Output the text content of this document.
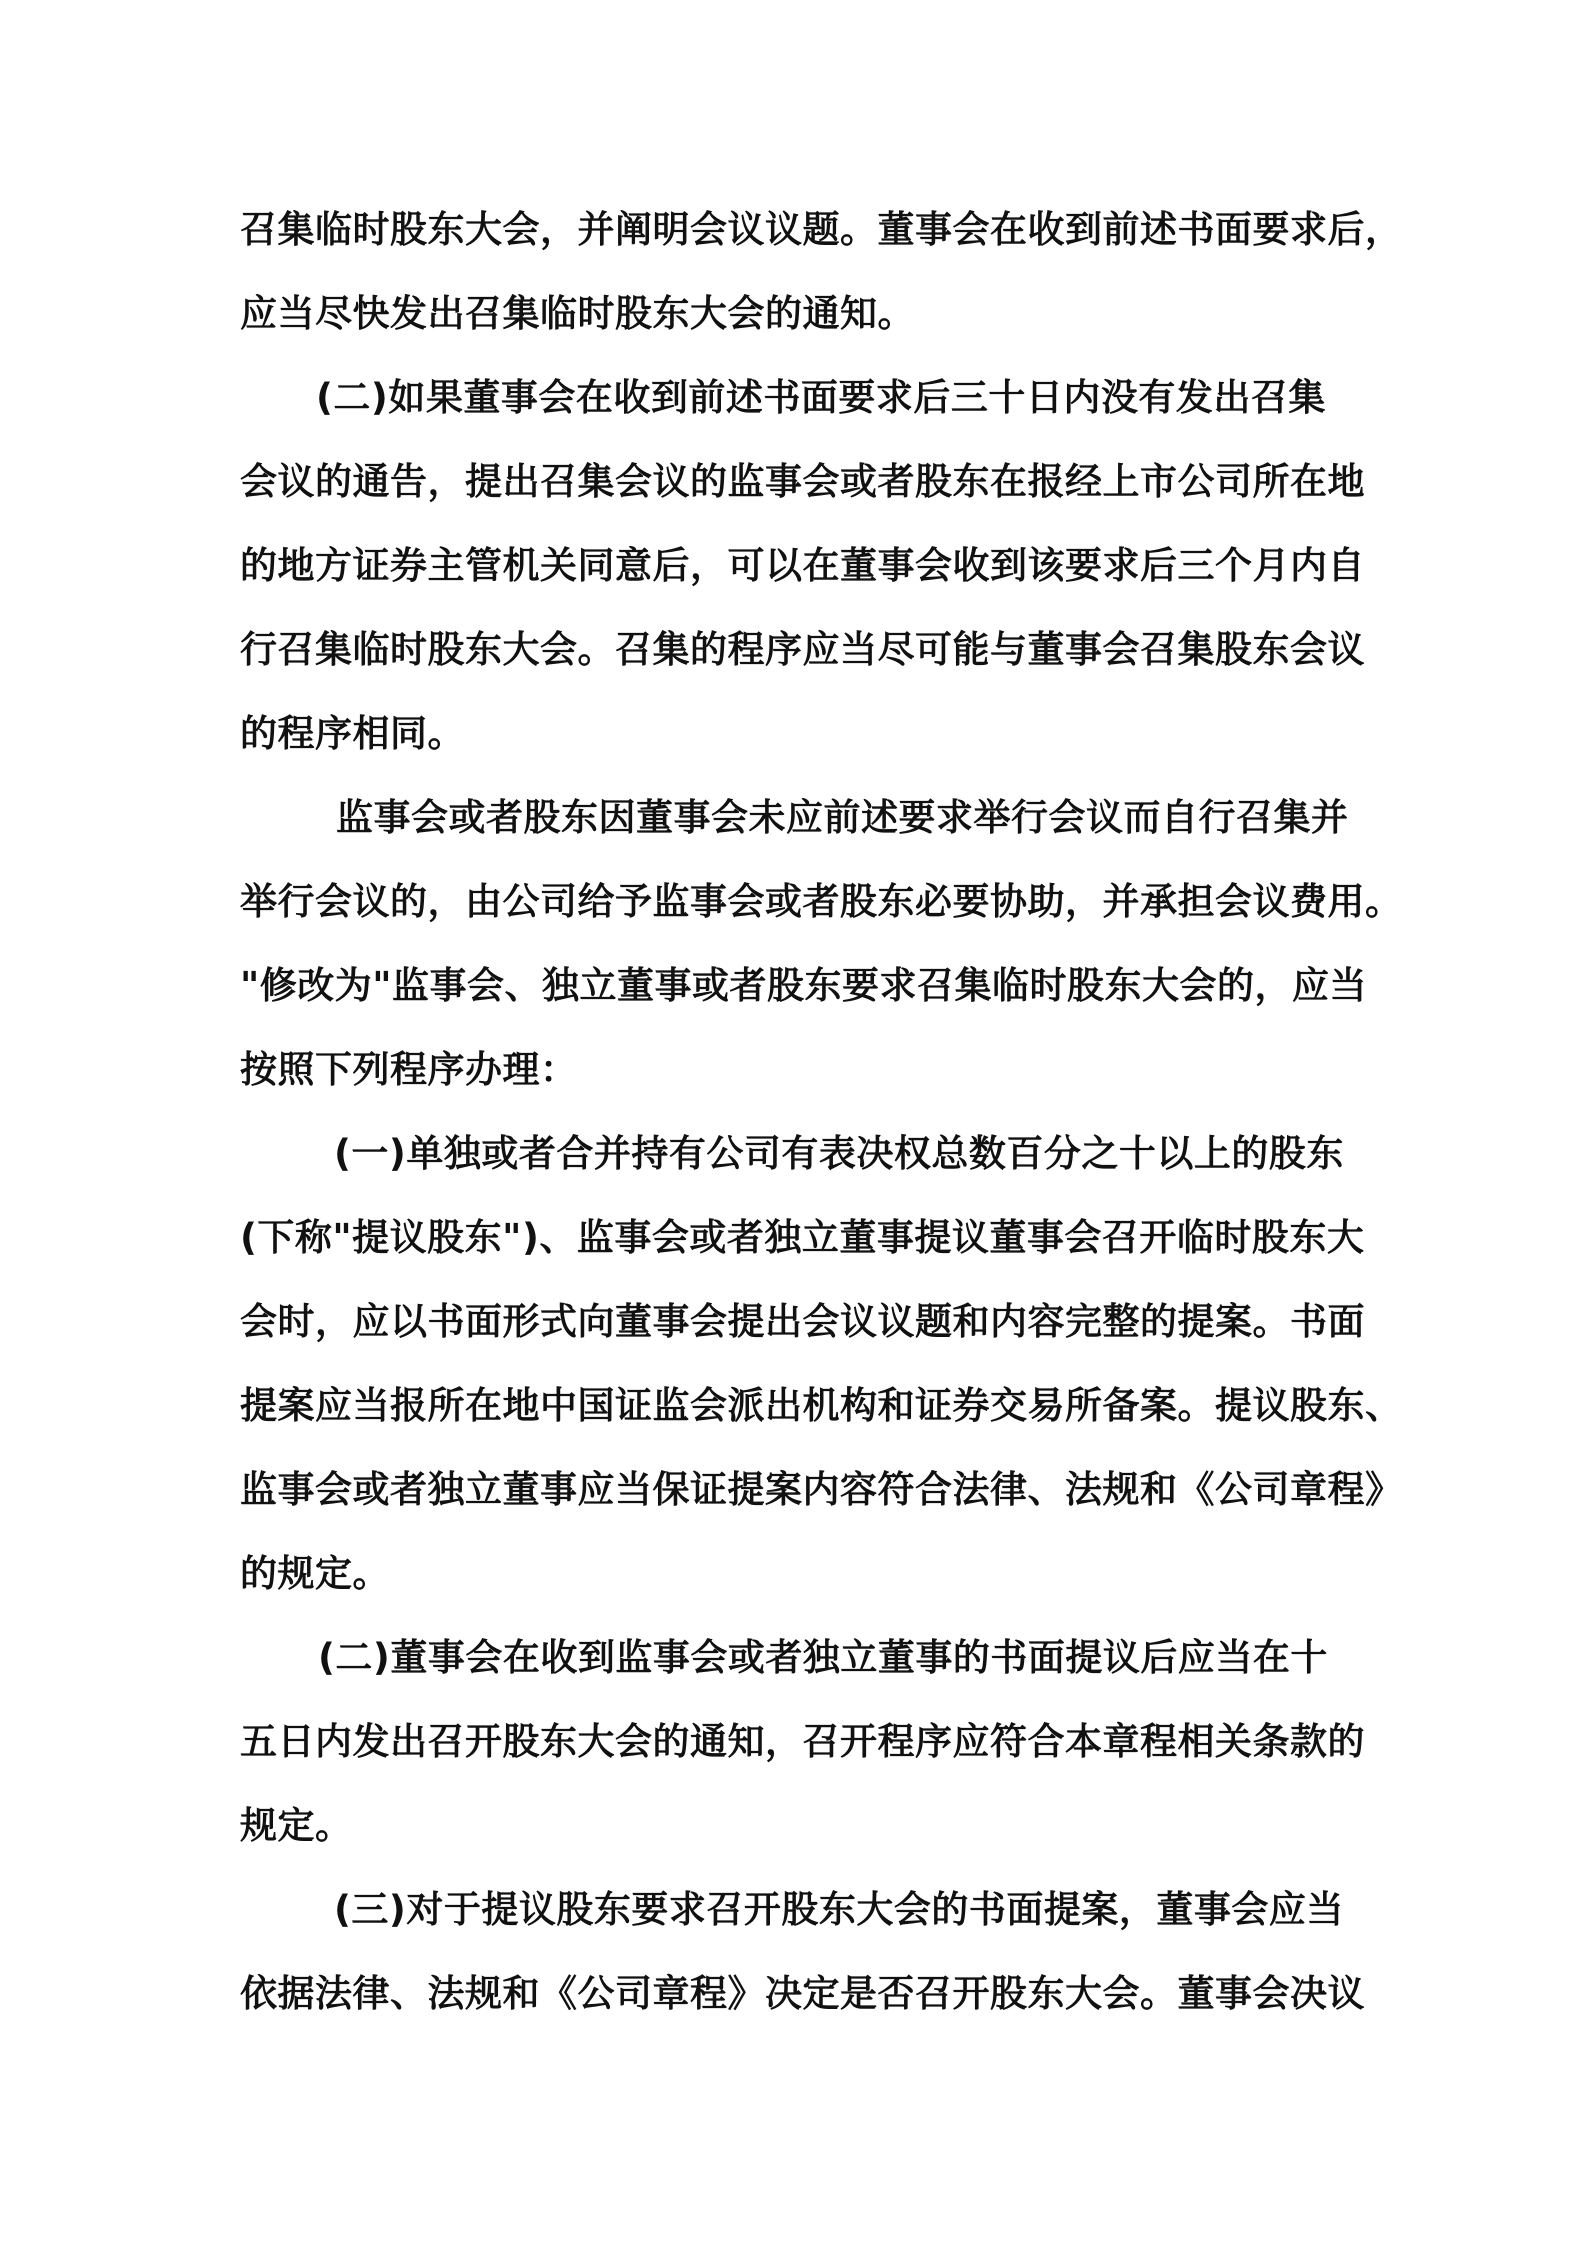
召集临时股东大会，并阐明会议议题。董事会在收到前述书面要求后，
应当尽快发出召集临时股东大会的通知。
(二)如果董事会在收到前述书面要求后三十日内没有发出召集
会议的通告，提出召集会议的监事会或者股东在报经上市公司所在地
的地方证券主管机关同意后，可以在董事会收到该要求后三个月内自
行召集临时股东大会。召集的程序应当尽可能与董事会召集股东会议
的程序相同。
监事会或者股东因董事会未应前述要求举行会议而自行召集并
举行会议的，由公司给予监事会或者股东必要协助，并承担会议费用。
"修改为"监事会、独立董事或者股东要求召集临时股东大会的，应当
按照下列程序办理：
(一)单独或者合并持有公司有表决权总数百分之十以上的股东
(下称"提议股东")、监事会或者独立董事提议董事会召开临时股东大
会时，应以书面形式向董事会提出会议议题和内容完整的提案。书面
提案应当报所在地中国证监会派出机构和证券交易所备案。提议股东、
监事会或者独立董事应当保证提案内容符合法律、法规和《公司章程》
的规定。
(二)董事会在收到监事会或者独立董事的书面提议后应当在十
五日内发出召开股东大会的通知，召开程序应符合本章程相关条款的
规定。
(三)对于提议股东要求召开股东大会的书面提案，董事会应当
依据法律、法规和《公司章程》决定是否召开股东大会。董事会决议
